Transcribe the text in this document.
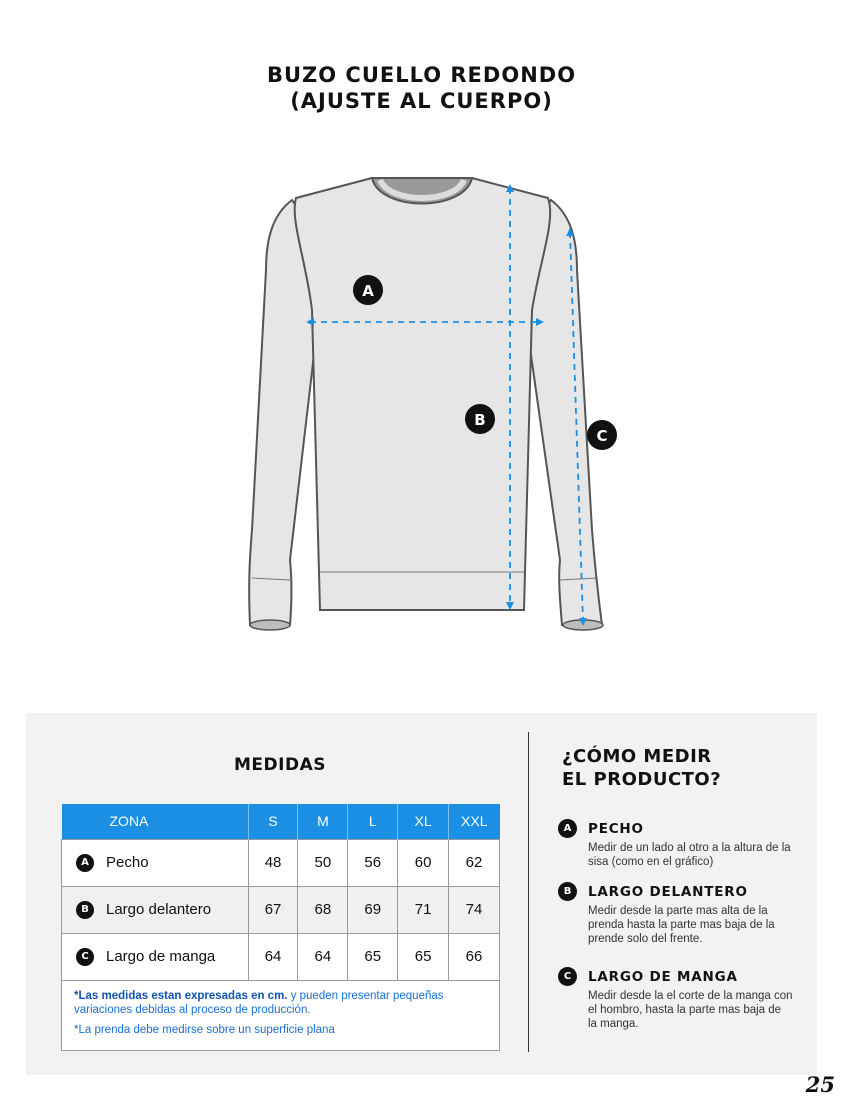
BUZO CUELLO REDONDO
(AJUSTE AL CUERPO)
A
B
C
MEDIDAS
ZONA	S	M	L	XL	XXL
A Pecho	48	50	56	60	62
B Largo delantero	67	68	69	71	74
C Largo de manga	64	64	65	65	66

*Las medidas estan expresadas en cm. y pueden presentar pequeñas variaciones debidas al proceso de producción.

*La prenda debe medirse sobre un superficie plana

¿CÓMO MEDIR
EL PRODUCTO?
A	PECHO
Medir de un lado al otro a la altura de la sisa (como en el gráfico)
B	LARGO DELANTERO
Medir desde la parte mas alta de la prenda hasta la parte mas baja de la prende solo del frente.
C	LARGO DE MANGA
Medir desde la el corte de la manga con el hombro, hasta la parte mas baja de la manga.
25
